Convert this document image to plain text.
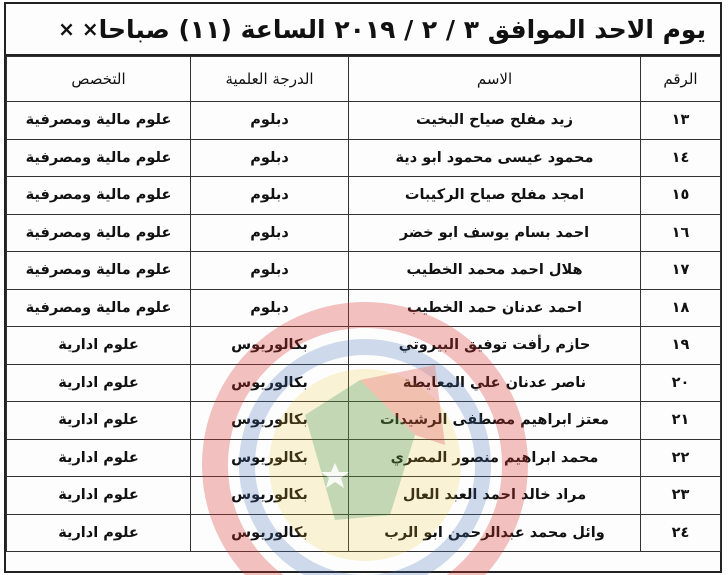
يوم الاحد الموافق ٣ / ٢ / ٢٠١٩ الساعة (١١) صباحا
× ×
الرقم	الاسم	الدرجة العلمية	التخصص
١٣	زيد مفلح صياح البخيت	دبلوم	علوم مالية ومصرفية
١٤	محمود عيسى محمود ابو دية	دبلوم	علوم مالية ومصرفية
١٥	امجد مفلح صياح الركيبات	دبلوم	علوم مالية ومصرفية
١٦	احمد بسام يوسف ابو خضر	دبلوم	علوم مالية ومصرفية
١٧	هلال احمد محمد الخطيب	دبلوم	علوم مالية ومصرفية
١٨	احمد عدنان حمد الخطيب	دبلوم	علوم مالية ومصرفية
١٩	حازم رأفت توفيق البيروتي	بكالوريوس	علوم ادارية
٢٠	ناصر عدنان علي المعايطة	بكالوريوس	علوم ادارية
٢١	معتز ابراهيم مصطفى الرشيدات	بكالوريوس	علوم ادارية
٢٢	محمد ابراهيم منصور المصري	بكالوريوس	علوم ادارية
٢٣	مراد خالد احمد العبد العال	بكالوريوس	علوم ادارية
٢٤	وائل محمد عبدالرحمن ابو الرب	بكالوريوس	علوم ادارية
